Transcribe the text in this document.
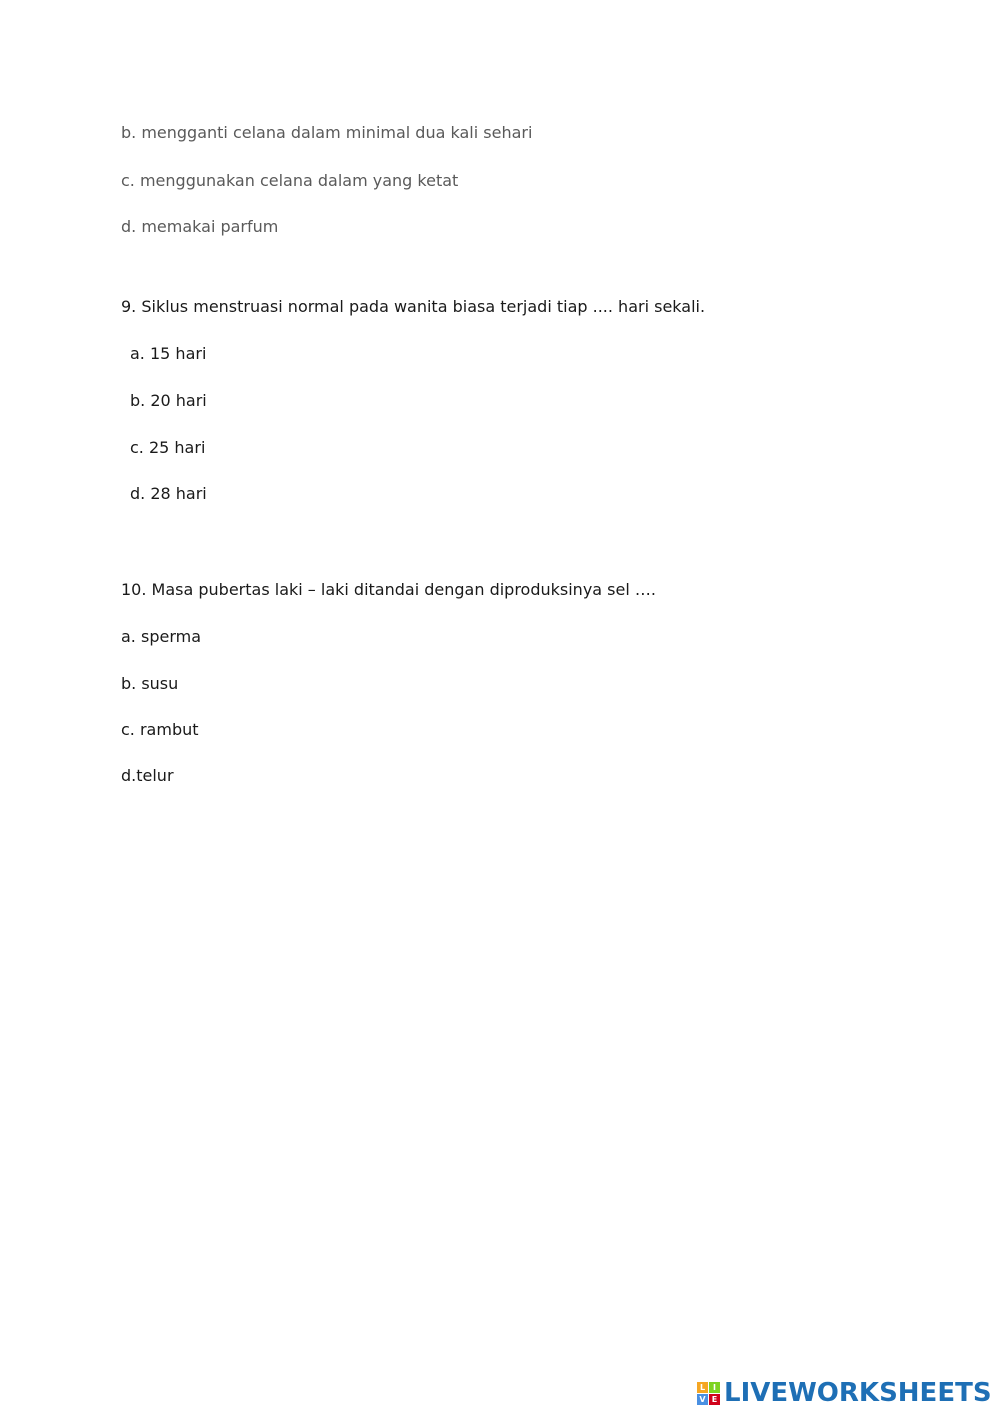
b. mengganti celana dalam minimal dua kali sehari
c. menggunakan celana dalam yang ketat
d. memakai parfum
9. Siklus menstruasi normal pada wanita biasa terjadi tiap .... hari sekali.
a. 15 hari
b. 20 hari
c. 25 hari
d. 28 hari
10. Masa pubertas laki – laki ditandai dengan diproduksinya sel ….
a. sperma
b. susu
c. rambut
d.telur
L I
V E LIVEWORKSHEETS
